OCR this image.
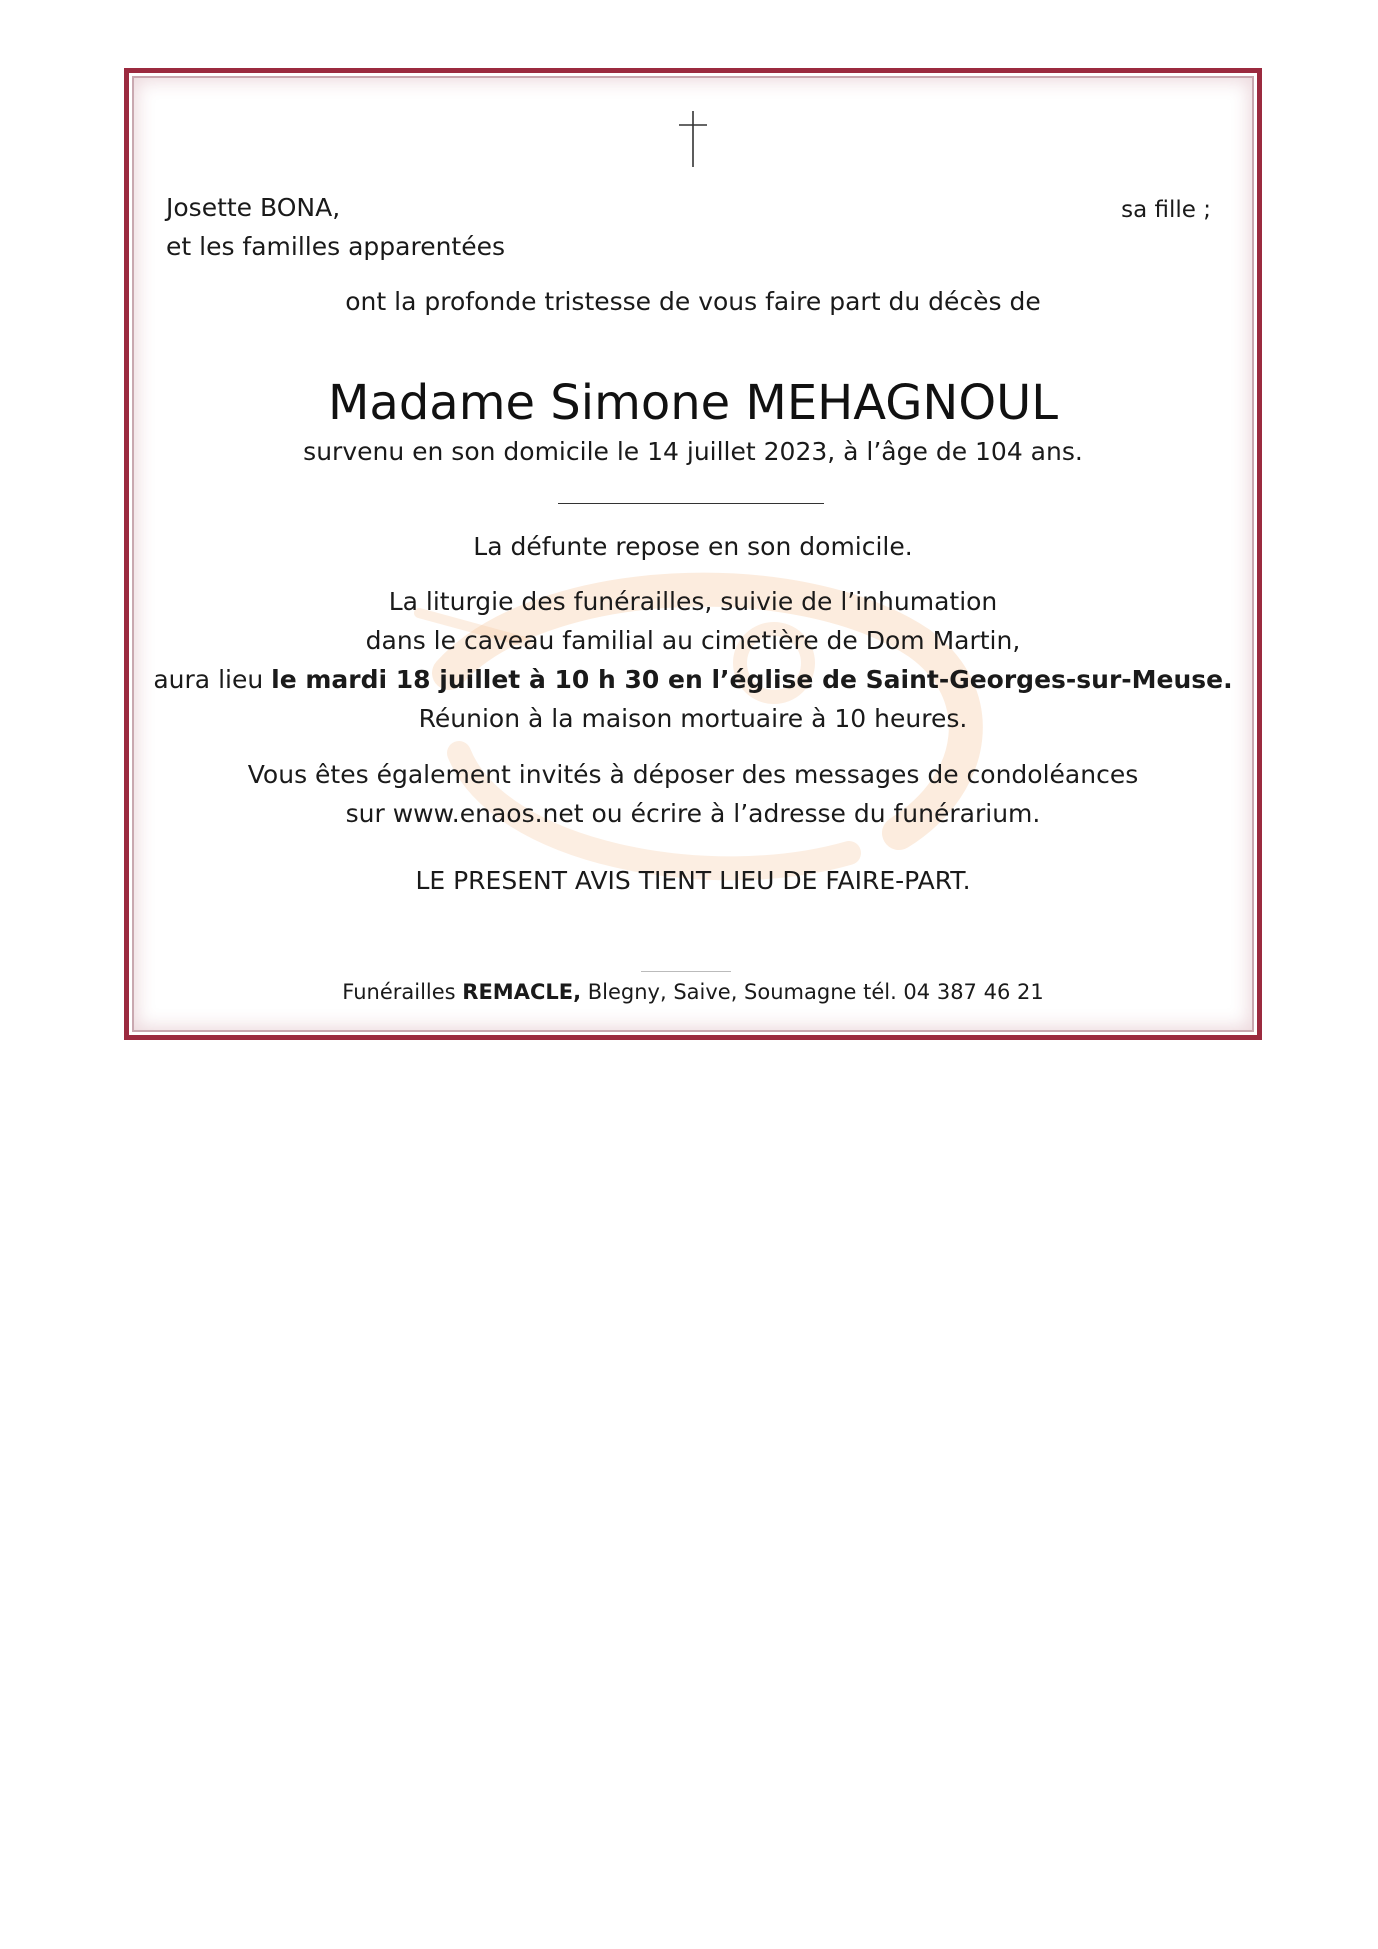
Josette BONA,	sa fille ;
et les familles apparentées
ont la profonde tristesse de vous faire part du décès de
Madame Simone MEHAGNOUL
survenu en son domicile le 14 juillet 2023, à l’âge de 104 ans.
La défunte repose en son domicile.
La liturgie des funérailles, suivie de l’inhumation
dans le caveau familial au cimetière de Dom Martin,
aura lieu le mardi 18 juillet à 10 h 30 en l’église de Saint-Georges-sur-Meuse.
Réunion à la maison mortuaire à 10 heures.
Vous êtes également invités à déposer des messages de condoléances
sur www.enaos.net ou écrire à l’adresse du funérarium.
LE PRESENT AVIS TIENT LIEU DE FAIRE-PART.
Funérailles REMACLE, Blegny, Saive, Soumagne tél. 04 387 46 21
